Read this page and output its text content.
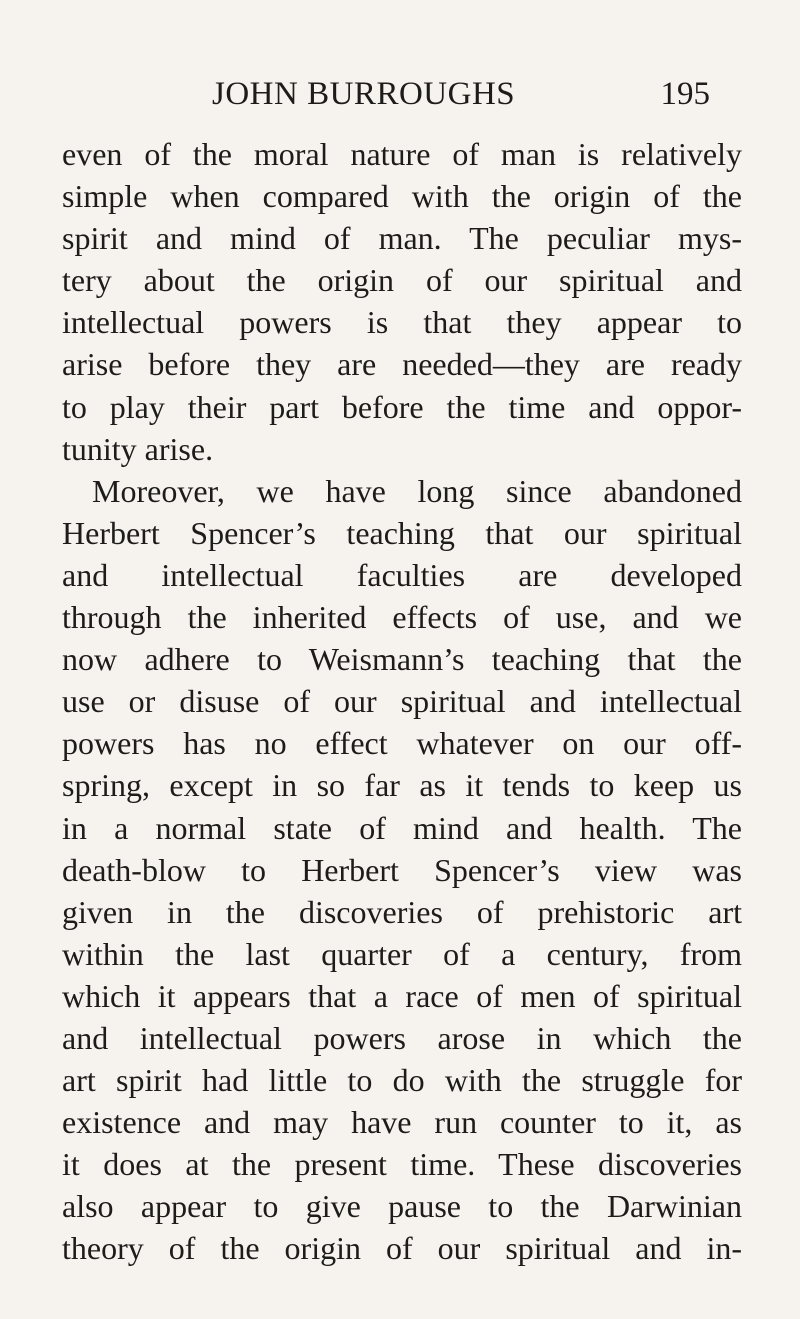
JOHN BURROUGHS	195
even of the moral nature of man is relatively
simple when compared with the origin of the
spirit and mind of man. The peculiar mys-
tery about the origin of our spiritual and
intellectual powers is that they appear to
arise before they are needed—they are ready
to play their part before the time and oppor-
tunity arise.
Moreover, we have long since abandoned
Herbert Spencer’s teaching that our spiritual
and intellectual faculties are developed
through the inherited effects of use, and we
now adhere to Weismann’s teaching that the
use or disuse of our spiritual and intellectual
powers has no effect whatever on our off-
spring, except in so far as it tends to keep us
in a normal state of mind and health. The
death-blow to Herbert Spencer’s view was
given in the discoveries of prehistoric art
within the last quarter of a century, from
which it appears that a race of men of spiritual
and intellectual powers arose in which the
art spirit had little to do with the struggle for
existence and may have run counter to it, as
it does at the present time. These discoveries
also appear to give pause to the Darwinian
theory of the origin of our spiritual and in-
